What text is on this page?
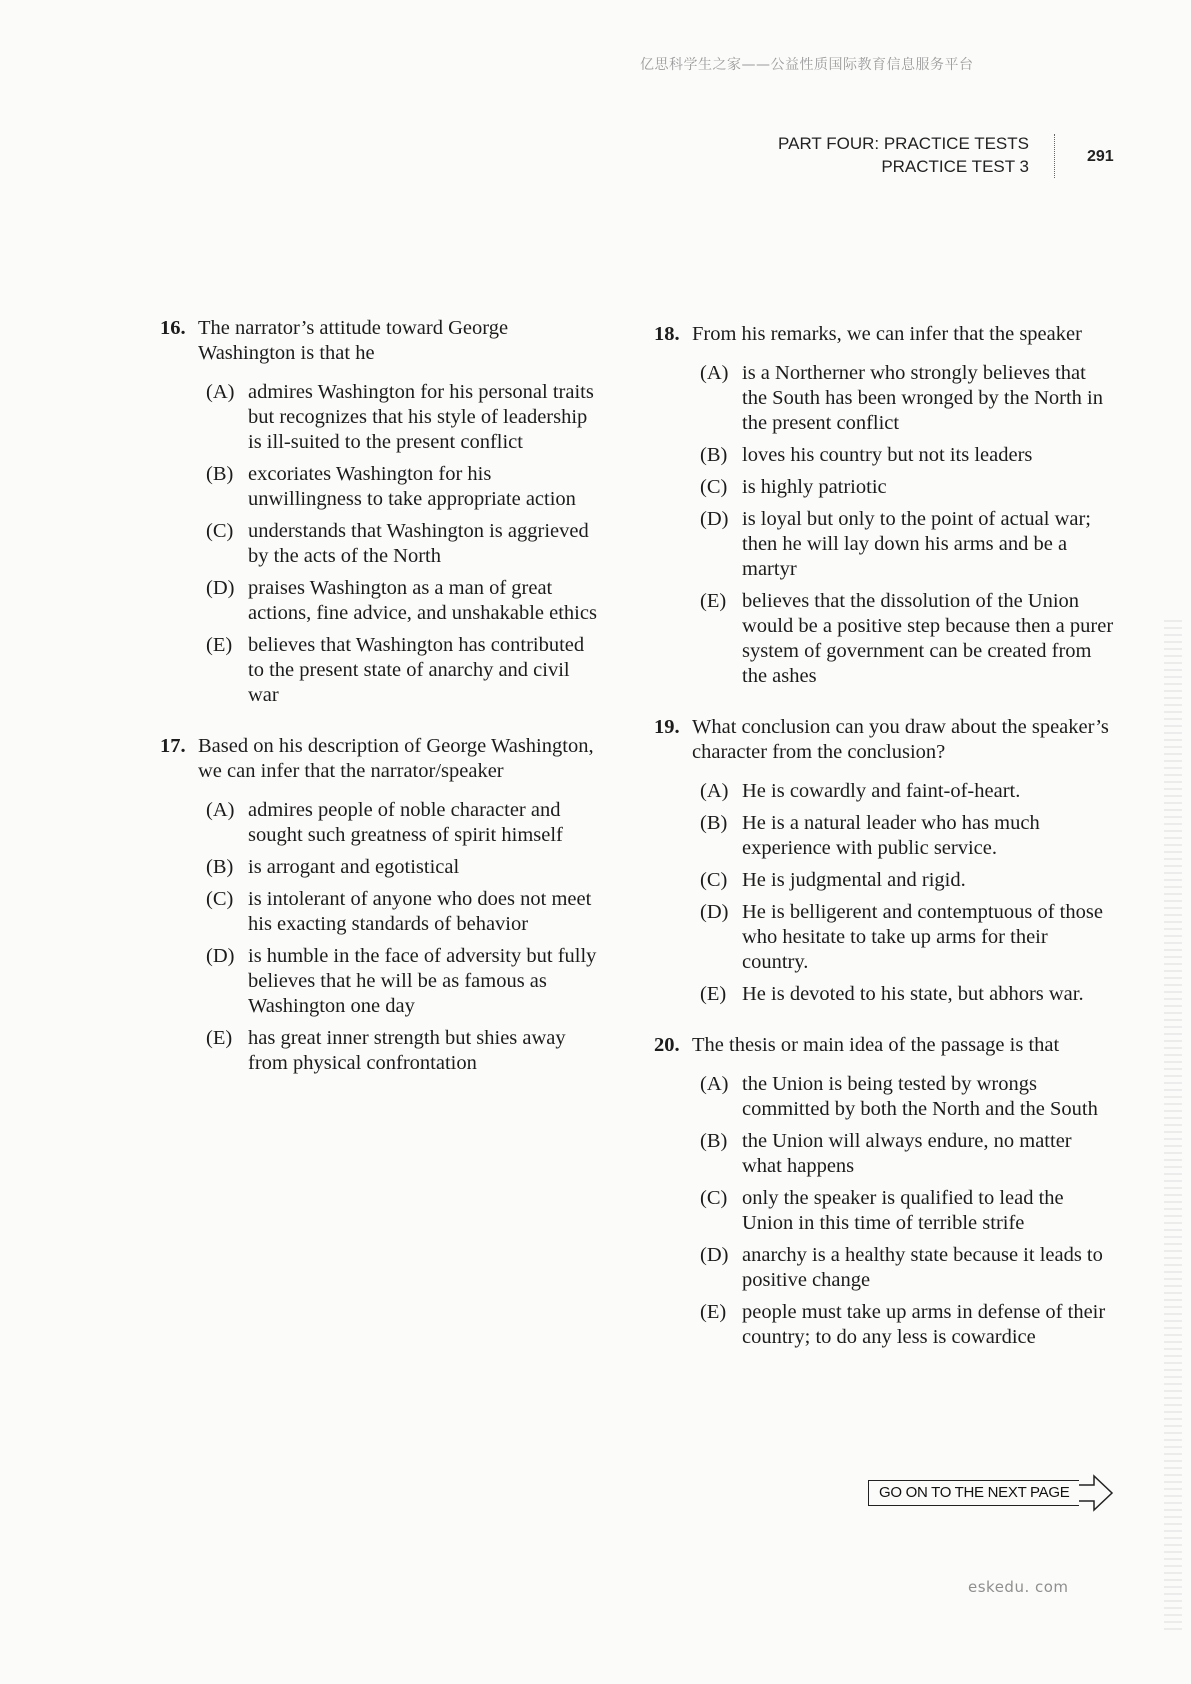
亿思科学生之家——公益性质国际教育信息服务平台
PART FOUR: PRACTICE TESTS
PRACTICE TEST 3
291
16. The narrator’s attitude toward George Washington is that he
(A) admires Washington for his personal traits but recognizes that his style of leadership is ill-suited to the present conflict
(B) excoriates Washington for his unwillingness to take appropriate action
(C) understands that Washington is aggrieved by the acts of the North
(D) praises Washington as a man of great actions, fine advice, and unshakable ethics
(E) believes that Washington has contributed to the present state of anarchy and civil war
17. Based on his description of George Washington, we can infer that the narrator/speaker
(A) admires people of noble character and sought such greatness of spirit himself
(B) is arrogant and egotistical
(C) is intolerant of anyone who does not meet his exacting standards of behavior
(D) is humble in the face of adversity but fully believes that he will be as famous as Washington one day
(E) has great inner strength but shies away from physical confrontation
18. From his remarks, we can infer that the speaker
(A) is a Northerner who strongly believes that the South has been wronged by the North in the present conflict
(B) loves his country but not its leaders
(C) is highly patriotic
(D) is loyal but only to the point of actual war; then he will lay down his arms and be a martyr
(E) believes that the dissolution of the Union would be a positive step because then a purer system of government can be created from the ashes
19. What conclusion can you draw about the speaker’s character from the conclusion?
(A) He is cowardly and faint-of-heart.
(B) He is a natural leader who has much experience with public service.
(C) He is judgmental and rigid.
(D) He is belligerent and contemptuous of those who hesitate to take up arms for their country.
(E) He is devoted to his state, but abhors war.
20. The thesis or main idea of the passage is that
(A) the Union is being tested by wrongs committed by both the North and the South
(B) the Union will always endure, no matter what happens
(C) only the speaker is qualified to lead the Union in this time of terrible strife
(D) anarchy is a healthy state because it leads to positive change
(E) people must take up arms in defense of their country; to do any less is cowardice
GO ON TO THE NEXT PAGE
eskedu. com
